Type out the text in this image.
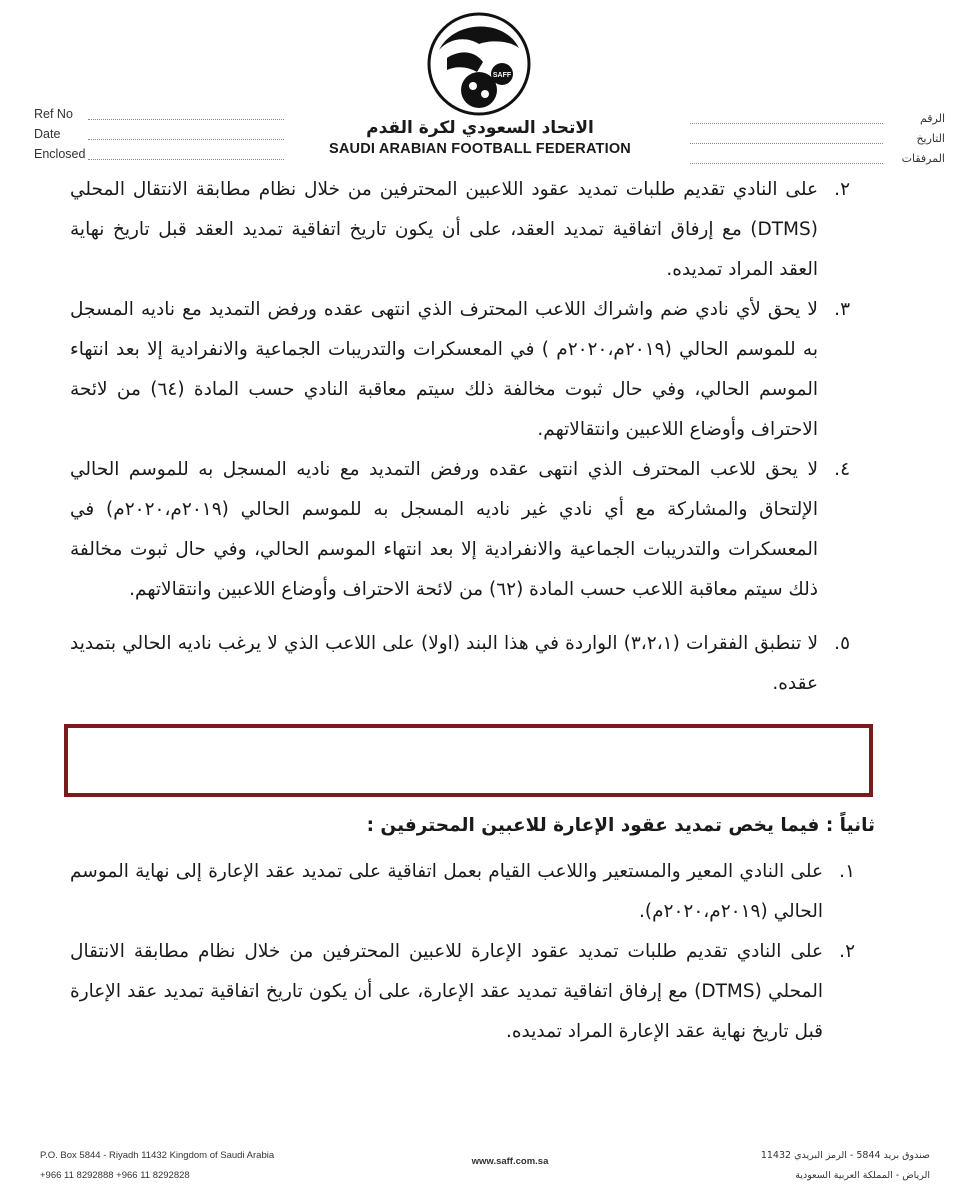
SAFF
الاتحاد السعودي لكرة القدم
SAUDI ARABIAN FOOTBALL FEDERATION
Ref No
Date
Enclosed
الرقم
التاريخ
المرفقات
٢.
على النادي تقديم طلبات تمديد عقود اللاعبين المحترفين من خلال نظام مطابقة الانتقال المحلي (DTMS) مع إرفاق اتفاقية تمديد العقد، على أن يكون تاريخ اتفاقية تمديد العقد قبل تاريخ نهاية العقد المراد تمديده.
٣.
لا يحق لأي نادي ضم واشراك اللاعب المحترف الذي انتهى عقده ورفض التمديد مع ناديه المسجل به للموسم الحالي (٢٠١٩م،٢٠٢٠م ) في المعسكرات والتدريبات الجماعية والانفرادية إلا بعد انتهاء الموسم الحالي، وفي حال ثبوت مخالفة ذلك سيتم معاقبة النادي حسب المادة (٦٤) من لائحة الاحتراف وأوضاع اللاعبين وانتقالاتهم.
٤.
لا يحق للاعب المحترف الذي انتهى عقده ورفض التمديد مع ناديه المسجل به للموسم الحالي الإلتحاق والمشاركة مع أي نادي غير ناديه المسجل به للموسم الحالي (٢٠١٩م،٢٠٢٠م) في المعسكرات والتدريبات الجماعية والانفرادية إلا بعد انتهاء الموسم الحالي، وفي حال ثبوت مخالفة ذلك سيتم معاقبة اللاعب حسب المادة (٦٢) من لائحة الاحتراف وأوضاع اللاعبين وانتقالاتهم.
٥.
لا تنطبق الفقرات (٣،٢،١) الواردة في هذا البند (اولا) على اللاعب الذي لا يرغب ناديه الحالي بتمديد عقده.
ثانياً : فيما يخص تمديد عقود الإعارة للاعبين المحترفين :
١.
على النادي المعير والمستعير واللاعب القيام بعمل اتفاقية على تمديد عقد الإعارة إلى نهاية الموسم الحالي (٢٠١٩م،٢٠٢٠م).
٢.
على النادي تقديم طلبات تمديد عقود الإعارة للاعبين المحترفين من خلال نظام مطابقة الانتقال المحلي (DTMS) مع إرفاق اتفاقية تمديد عقد الإعارة، على أن يكون تاريخ اتفاقية تمديد عقد الإعارة قبل تاريخ نهاية عقد الإعارة المراد تمديده.
P.O. Box 5844 - Riyadh 11432 Kingdom of Saudi Arabia
+966 11 8292888 +966 11 8292828
www.saff.com.sa
صندوق بريد 5844 - الرمز البريدي 11432
الرياض - المملكة العربية السعودية
